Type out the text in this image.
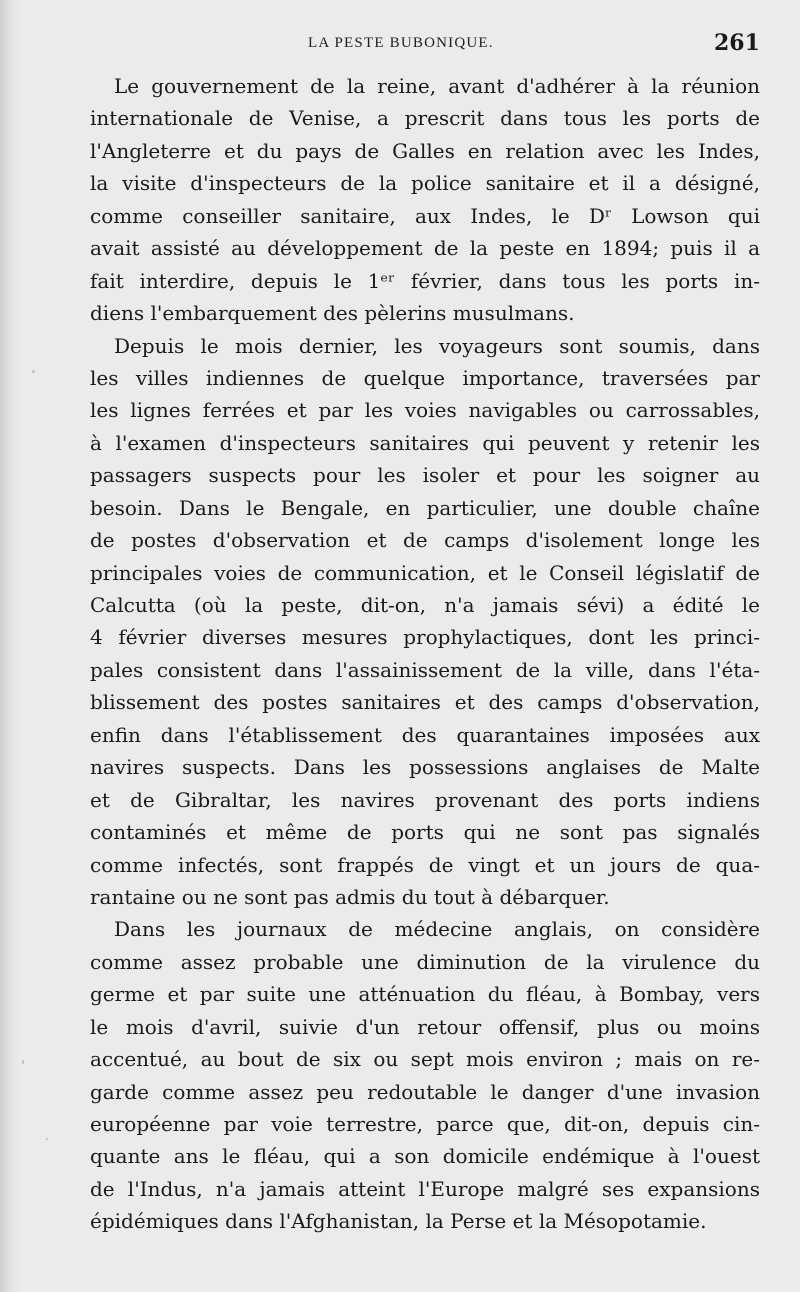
LA PESTE BUBONIQUE.	261
Le gouvernement de la reine, avant d'adhérer à la réunion
internationale de Venise, a prescrit dans tous les ports de
l'Angleterre et du pays de Galles en relation avec les Indes,
la visite d'inspecteurs de la police sanitaire et il a désigné,
comme conseiller sanitaire, aux Indes, le Dʳ Lowson qui
avait assisté au développement de la peste en 1894; puis il a
fait interdire, depuis le 1ᵉʳ février, dans tous les ports in-
diens l'embarquement des pèlerins musulmans.
Depuis le mois dernier, les voyageurs sont soumis, dans
les villes indiennes de quelque importance, traversées par
les lignes ferrées et par les voies navigables ou carrossables,
à l'examen d'inspecteurs sanitaires qui peuvent y retenir les
passagers suspects pour les isoler et pour les soigner au
besoin. Dans le Bengale, en particulier, une double chaîne
de postes d'observation et de camps d'isolement longe les
principales voies de communication, et le Conseil législatif de
Calcutta (où la peste, dit-on, n'a jamais sévi) a édité le
4 février diverses mesures prophylactiques, dont les princi-
pales consistent dans l'assainissement de la ville, dans l'éta-
blissement des postes sanitaires et des camps d'observation,
enfin dans l'établissement des quarantaines imposées aux
navires suspects. Dans les possessions anglaises de Malte
et de Gibraltar, les navires provenant des ports indiens
contaminés et même de ports qui ne sont pas signalés
comme infectés, sont frappés de vingt et un jours de qua-
rantaine ou ne sont pas admis du tout à débarquer.
Dans les journaux de médecine anglais, on considère
comme assez probable une diminution de la virulence du
germe et par suite une atténuation du fléau, à Bombay, vers
le mois d'avril, suivie d'un retour offensif, plus ou moins
accentué, au bout de six ou sept mois environ ; mais on re-
garde comme assez peu redoutable le danger d'une invasion
européenne par voie terrestre, parce que, dit-on, depuis cin-
quante ans le fléau, qui a son domicile endémique à l'ouest
de l'Indus, n'a jamais atteint l'Europe malgré ses expansions
épidémiques dans l'Afghanistan, la Perse et la Mésopotamie.
